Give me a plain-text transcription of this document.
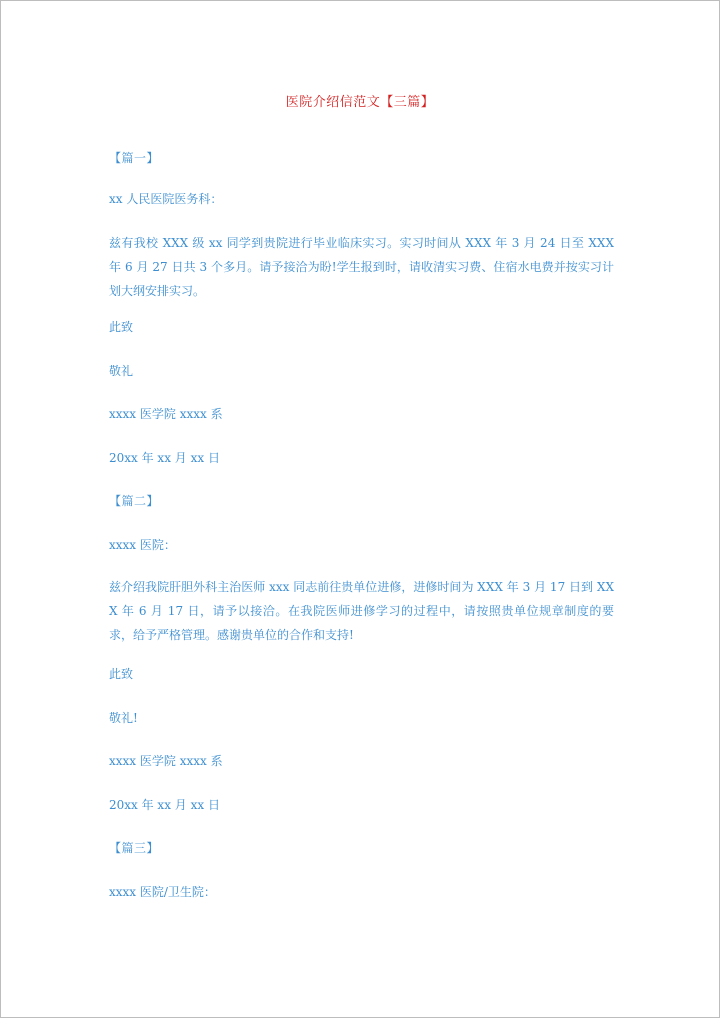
医院介绍信范文【三篇】
【篇一】
xx 人民医院医务科：
兹有我校 XXX 级 xx 同学到贵院进行毕业临床实习。实习时间从 XXX 年 3 月 24 日至 XXX 年 6 月 27 日共 3 个多月。请予接洽为盼!学生报到时，请收清实习费、住宿水电费并按实习计划大纲安排实习。
此致
敬礼
xxxx 医学院 xxxx 系
20xx 年 xx 月 xx 日
【篇二】
xxxx 医院：
兹介绍我院肝胆外科主治医师 xxx 同志前往贵单位进修，进修时间为 XXX 年 3 月 17 日到 XXX 年 6 月 17 日，请予以接洽。在我院医师进修学习的过程中，请按照贵单位规章制度的要求，给予严格管理。感谢贵单位的合作和支持!
此致
敬礼!
xxxx 医学院 xxxx 系
20xx 年 xx 月 xx 日
【篇三】
xxxx 医院/卫生院：
